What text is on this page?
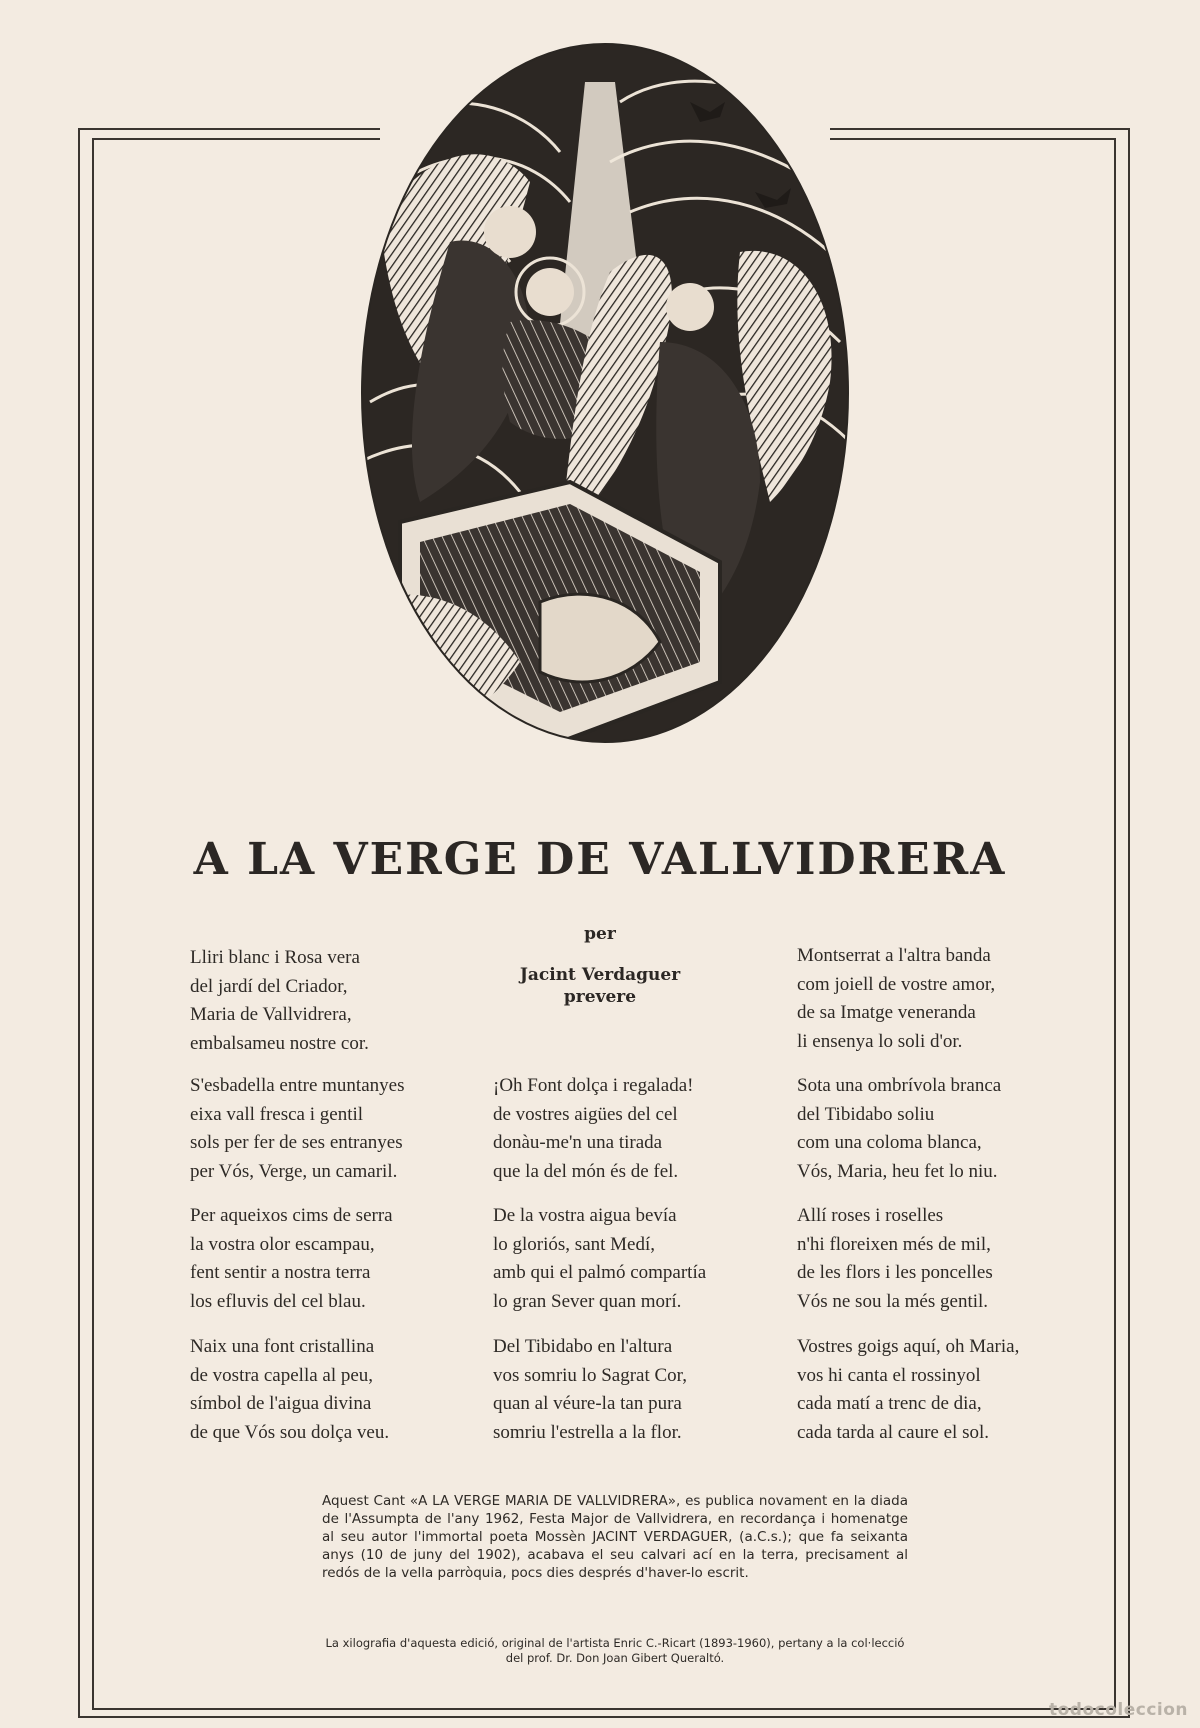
A LA VERGE DE VALLVIDRERA
per
Jacint Verdaguer
prevere
Lliri blanc i Rosa vera
del jardí del Criador,
Maria de Vallvidrera,
embalsameu nostre cor.
S'esbadella entre muntanyes
eixa vall fresca i gentil
sols per fer de ses entranyes
per Vós, Verge, un camaril.
Per aqueixos cims de serra
la vostra olor escampau,
fent sentir a nostra terra
los efluvis del cel blau.
Naix una font cristallina
de vostra capella al peu,
símbol de l'aigua divina
de que Vós sou dolça veu.
¡Oh Font dolça i regalada!
de vostres aigües del cel
donàu-me'n una tirada
que la del món és de fel.
De la vostra aigua bevía
lo gloriós, sant Medí,
amb qui el palmó compartía
lo gran Sever quan morí.
Del Tibidabo en l'altura
vos somriu lo Sagrat Cor,
quan al véure-la tan pura
somriu l'estrella a la flor.
Montserrat a l'altra banda
com joiell de vostre amor,
de sa Imatge veneranda
li ensenya lo soli d'or.
Sota una ombrívola branca
del Tibidabo soliu
com una coloma blanca,
Vós, Maria, heu fet lo niu.
Allí roses i roselles
n'hi floreixen més de mil,
de les flors i les poncelles
Vós ne sou la més gentil.
Vostres goigs aquí, oh Maria,
vos hi canta el rossinyol
cada matí a trenc de dia,
cada tarda al caure el sol.
Aquest Cant «A LA VERGE MARIA DE VALLVIDRERA», es publica novament en la diada de l'Assumpta de l'any 1962, Festa Major de Vallvidrera, en recordança i homenatge al seu autor l'immortal poeta Mossèn JACINT VERDAGUER, (a.C.s.); que fa seixanta anys (10 de juny del 1902), acabava el seu calvari ací en la terra, precisament al redós de la vella parròquia, pocs dies després d'haver-lo escrit.
La xilografia d'aquesta edició, original de l'artista Enric C.-Ricart (1893-1960), pertany a la col·lecció del prof. Dr. Don Joan Gibert Queraltó.
todocoleccion
